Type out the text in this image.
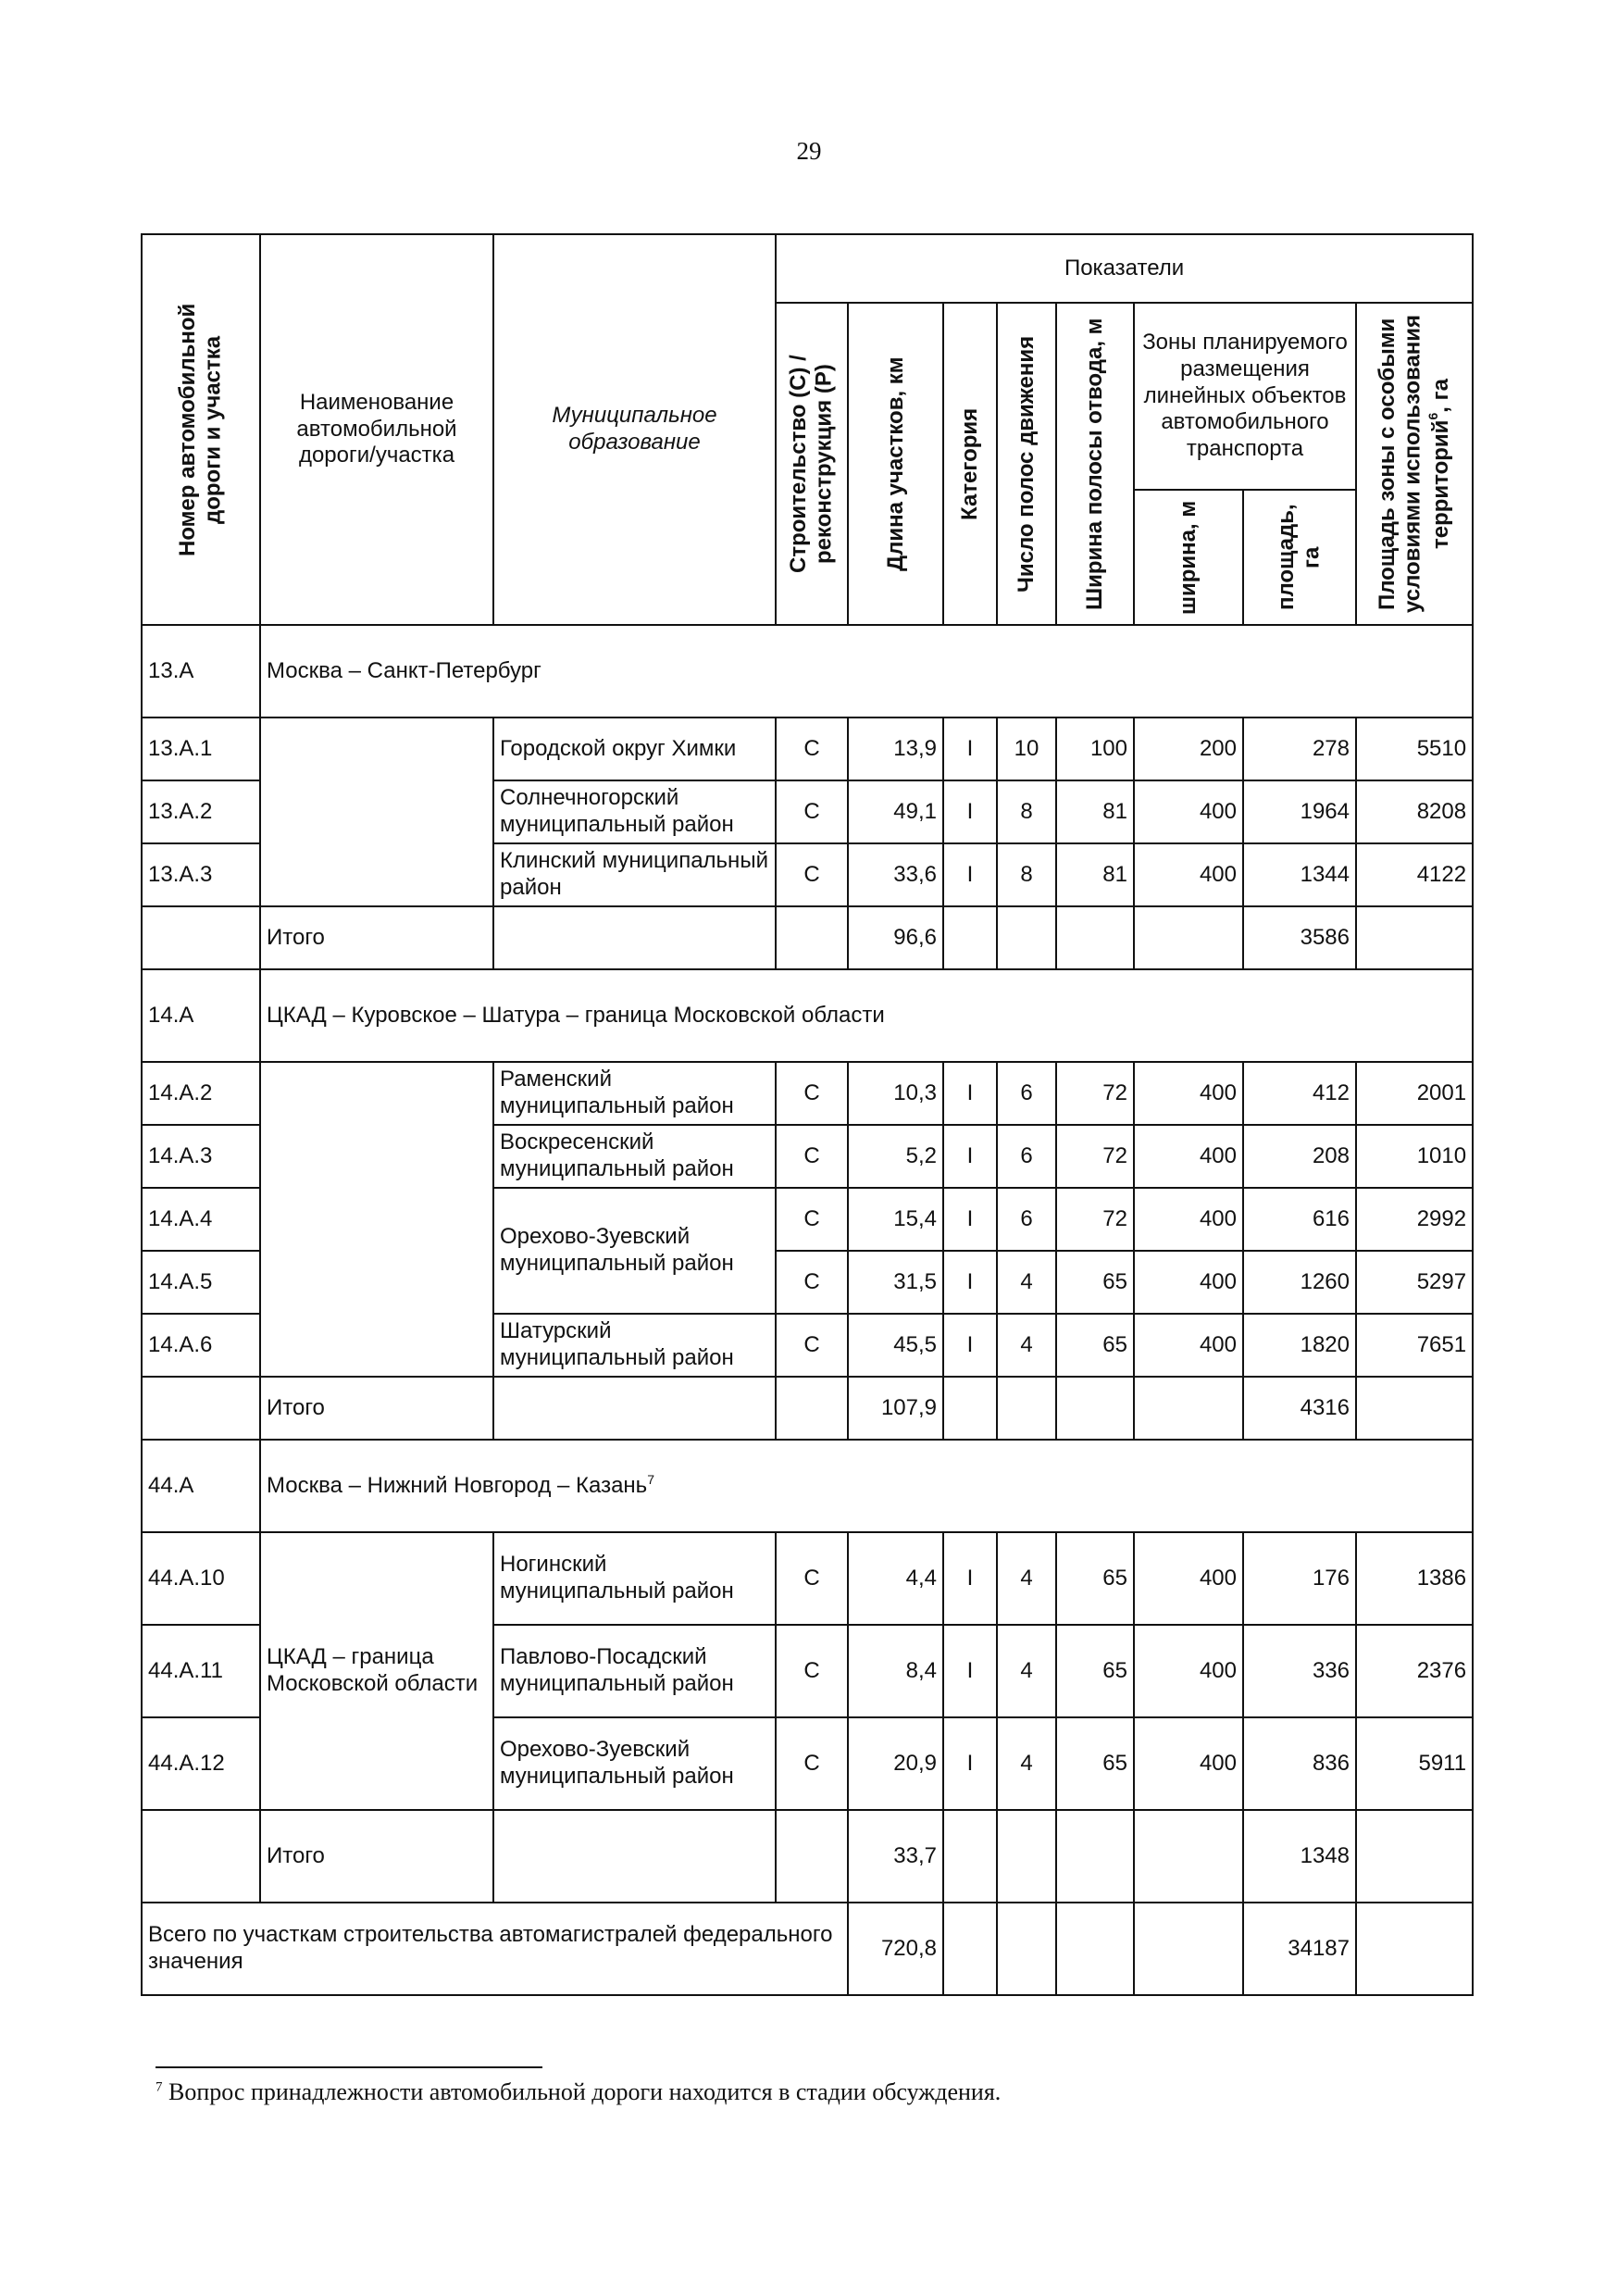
29
Номер автомобильной дороги и участка	Наименование автомобильной дороги/участка	Муниципальное образование	Показатели							

			Строительство (С) / реконструкция (Р)	Длина участков, км	Категория	Число полос движения	Ширина полосы отвода, м	Зоны планируемого размещения линейных объектов автомобильного транспорта		Площадь зоны с особыми условиями использования территорий$^6$, га

								ширина, м	площадь, га	

13.А	Москва – Санкт-Петербург									
13.А.1		Городской округ Химки	С	13,9	I	10	100	200	278	5510
13.А.2		Солнечногорский муниципальный район	С	49,1	I	8	81	400	1964	8208
13.А.3		Клинский муниципальный район	С	33,6	I	8	81	400	1344	4122
	Итого			96,6					3586	
14.А	ЦКАД – Куровское – Шатура – граница Московской области									
14.А.2		Раменский муниципальный район	С	10,3	I	6	72	400	412	2001
14.А.3		Воскресенский муниципальный район	С	5,2	I	6	72	400	208	1010
14.А.4		Орехово-Зуевский муниципальный район	С	15,4	I	6	72	400	616	2992
14.А.5			С	31,5	I	4	65	400	1260	5297
14.А.6		Шатурский муниципальный район	С	45,5	I	4	65	400	1820	7651
	Итого			107,9					4316	
44.А	Москва – Нижний Новгород – Казань$^7$
44.А.10	ЦКАД – граница Московской области	Ногинский муниципальный район	С	4,4	I	4	65	400	176	1386
44.А.11		Павлово-Посадский муниципальный район	С	8,4	I	4	65	400	336	2376
44.А.12		Орехово-Зуевский муниципальный район	С	20,9	I	4	65	400	836	5911
	Итого			33,7					1348	
Всего по участкам строительства автомагистралей федерального значения				720,8					34187	
$^7$ Вопрос принадлежности автомобильной дороги находится в стадии обсуждения.
